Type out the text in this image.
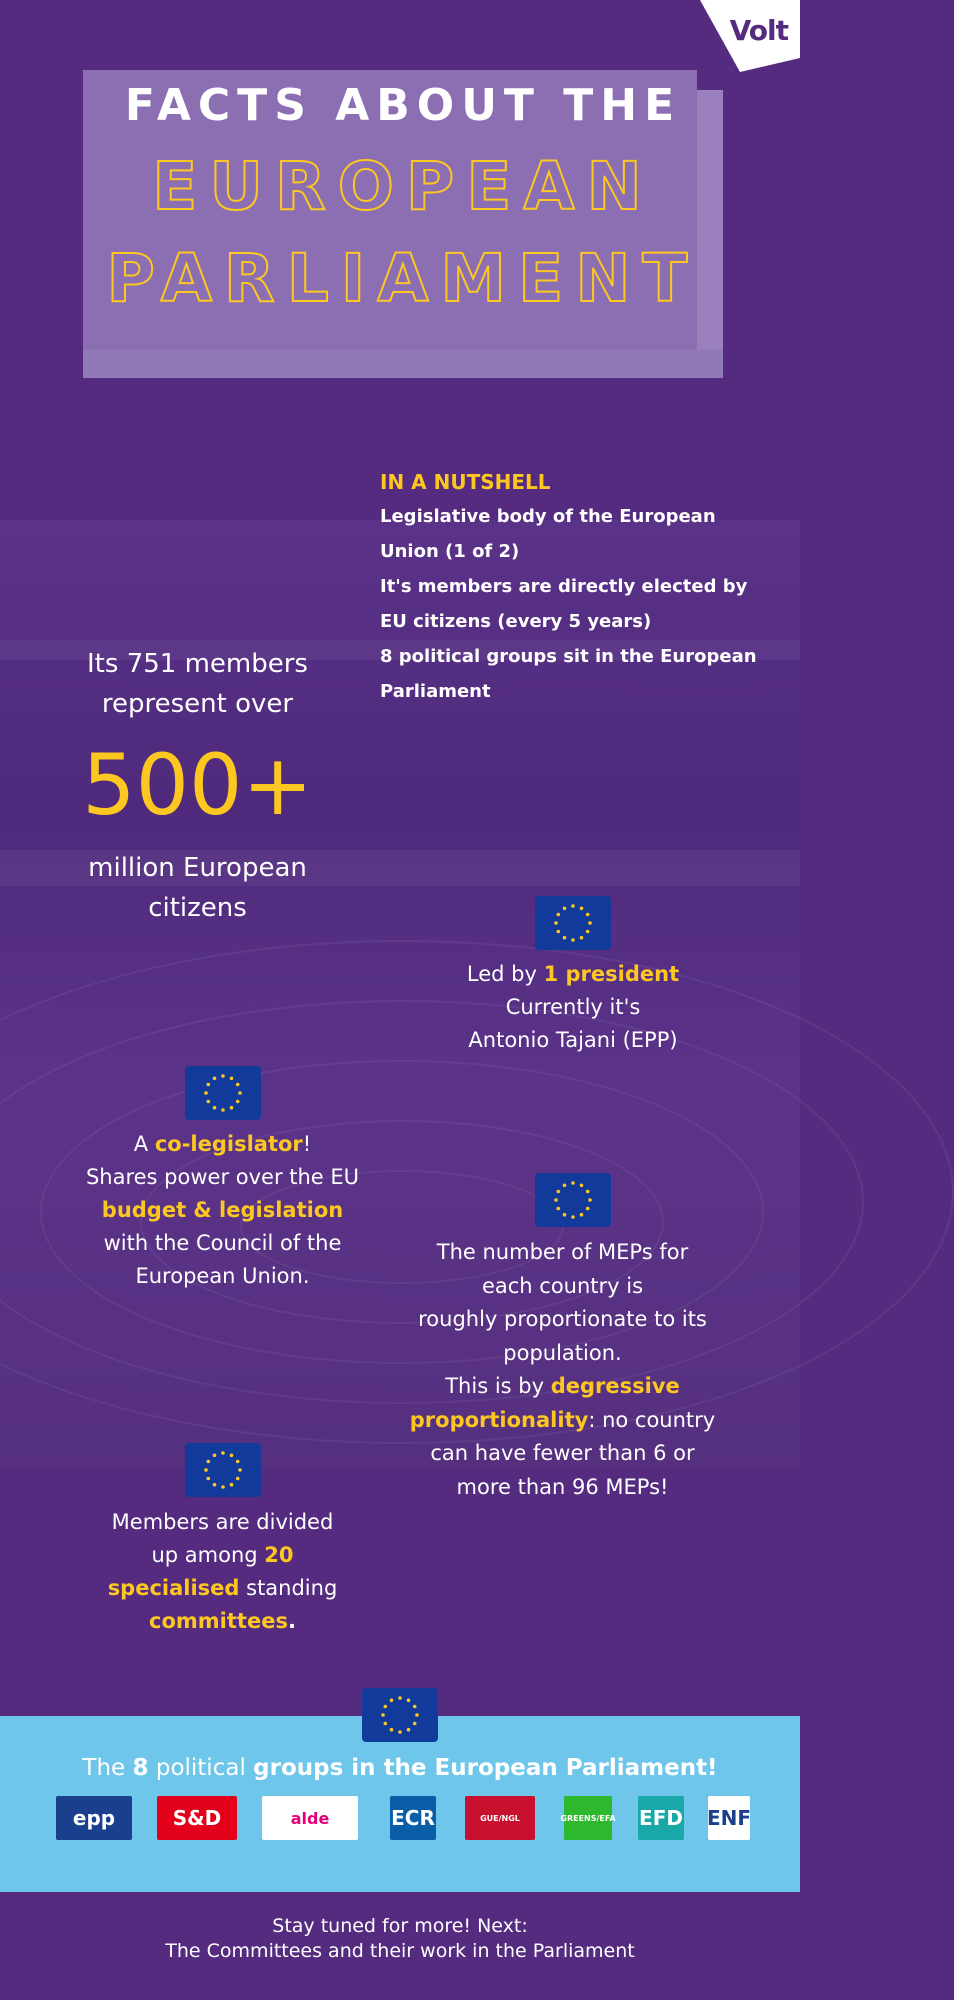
Volt
FACTS ABOUT THE
EUROPEAN
PARLIAMENT
IN A NUTSHELL
Legislative body of the European
Union (1 of 2)
It's members are directly elected by
EU citizens (every 5 years)
8 political groups sit in the European
Parliament
Its 751 members
represent over
500+
million European
citizens
Led by 1 president
Currently it's
Antonio Tajani (EPP)
A co-legislator!
Shares power over the EU
budget & legislation
with the Council of the
European Union.
The number of MEPs for
each country is
roughly proportionate to its
population.
This is by degressive
proportionality: no country
can have fewer than 6 or
more than 96 MEPs!
Members are divided
up among 20
specialised standing
committees.
The 8 political groups in the European Parliament!
epp	S&D	alde	ECR	GUE/NGL	GREENS/EFA EFD ENF
Stay tuned for more! Next:
The Committees and their work in the Parliament
